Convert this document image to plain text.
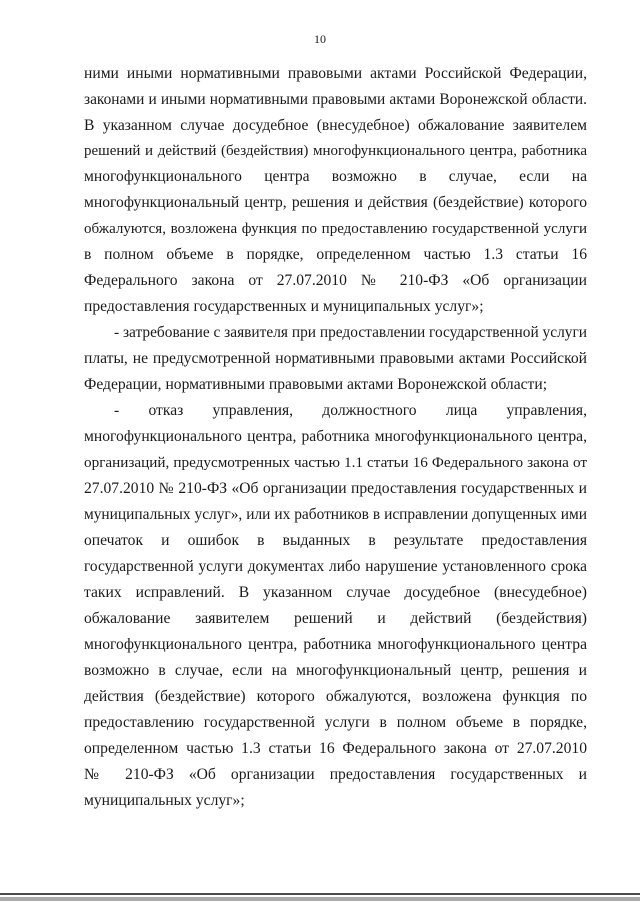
10
ними иными нормативными правовыми актами Российской Федерации,
законами и иными нормативными правовыми актами Воронежской области.
В указанном случае досудебное (внесудебное) обжалование заявителем
решений и действий (бездействия) многофункционального центра, работника
многофункционального центра возможно в случае, если на
многофункциональный центр, решения и действия (бездействие) которого
обжалуются, возложена функция по предоставлению государственной услуги
в полном объеме в порядке, определенном частью 1.3 статьи 16
Федерального закона от 27.07.2010 № 210-ФЗ «Об организации
предоставления государственных и муниципальных услуг»;
- затребование с заявителя при предоставлении государственной услуги
платы, не предусмотренной нормативными правовыми актами Российской
Федерации, нормативными правовыми актами Воронежской области;
- отказ управления, должностного лица управления,
многофункционального центра, работника многофункционального центра,
организаций, предусмотренных частью 1.1 статьи 16 Федерального закона от
27.07.2010 № 210-ФЗ «Об организации предоставления государственных и
муниципальных услуг», или их работников в исправлении допущенных ими
опечаток и ошибок в выданных в результате предоставления
государственной услуги документах либо нарушение установленного срока
таких исправлений. В указанном случае досудебное (внесудебное)
обжалование заявителем решений и действий (бездействия)
многофункционального центра, работника многофункционального центра
возможно в случае, если на многофункциональный центр, решения и
действия (бездействие) которого обжалуются, возложена функция по
предоставлению государственной услуги в полном объеме в порядке,
определенном частью 1.3 статьи 16 Федерального закона от 27.07.2010
№ 210-ФЗ «Об организации предоставления государственных и
муниципальных услуг»;
